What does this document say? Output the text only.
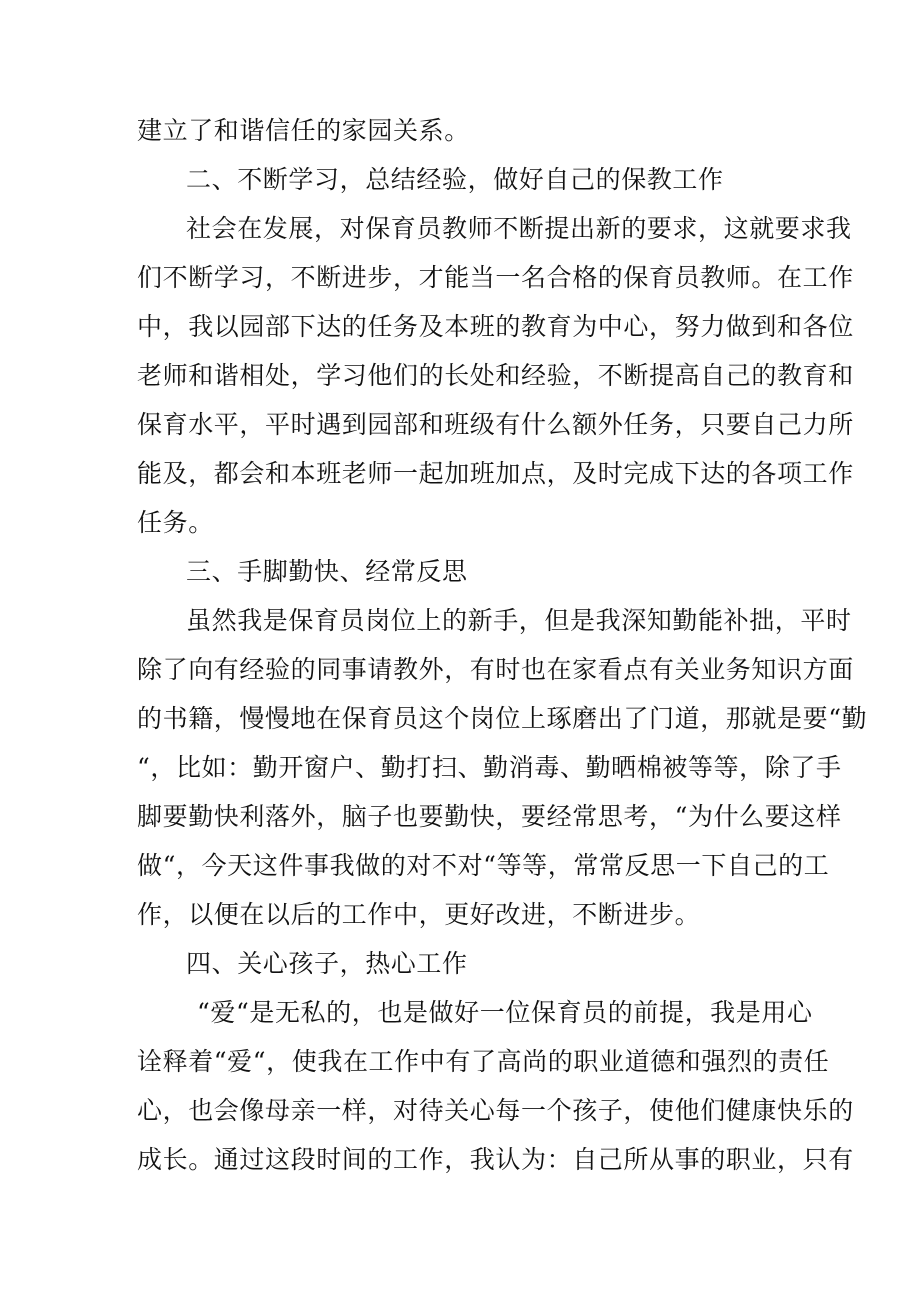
建立了和谐信任的家园关系。
二、不断学习，总结经验，做好自己的保教工作
社会在发展，对保育员教师不断提出新的要求，这就要求我
们不断学习，不断进步，才能当一名合格的保育员教师。在工作
中，我以园部下达的任务及本班的教育为中心，努力做到和各位
老师和谐相处，学习他们的长处和经验，不断提高自己的教育和
保育水平，平时遇到园部和班级有什么额外任务，只要自己力所
能及，都会和本班老师一起加班加点，及时完成下达的各项工作
任务。
三、手脚勤快、经常反思
虽然我是保育员岗位上的新手，但是我深知勤能补拙，平时
除了向有经验的同事请教外，有时也在家看点有关业务知识方面
的书籍，慢慢地在保育员这个岗位上琢磨出了门道，那就是要“勤
“，比如：勤开窗户、勤打扫、勤消毒、勤晒棉被等等，除了手
脚要勤快利落外，脑子也要勤快，要经常思考，“为什么要这样
做“，今天这件事我做的对不对“等等，常常反思一下自己的工
作，以便在以后的工作中，更好改进，不断进步。
四、关心孩子，热心工作
“爱“是无私的，也是做好一位保育员的前提，我是用心
诠释着“爱“，使我在工作中有了高尚的职业道德和强烈的责任
心，也会像母亲一样，对待关心每一个孩子，使他们健康快乐的
成长。通过这段时间的工作，我认为：自己所从事的职业，只有
